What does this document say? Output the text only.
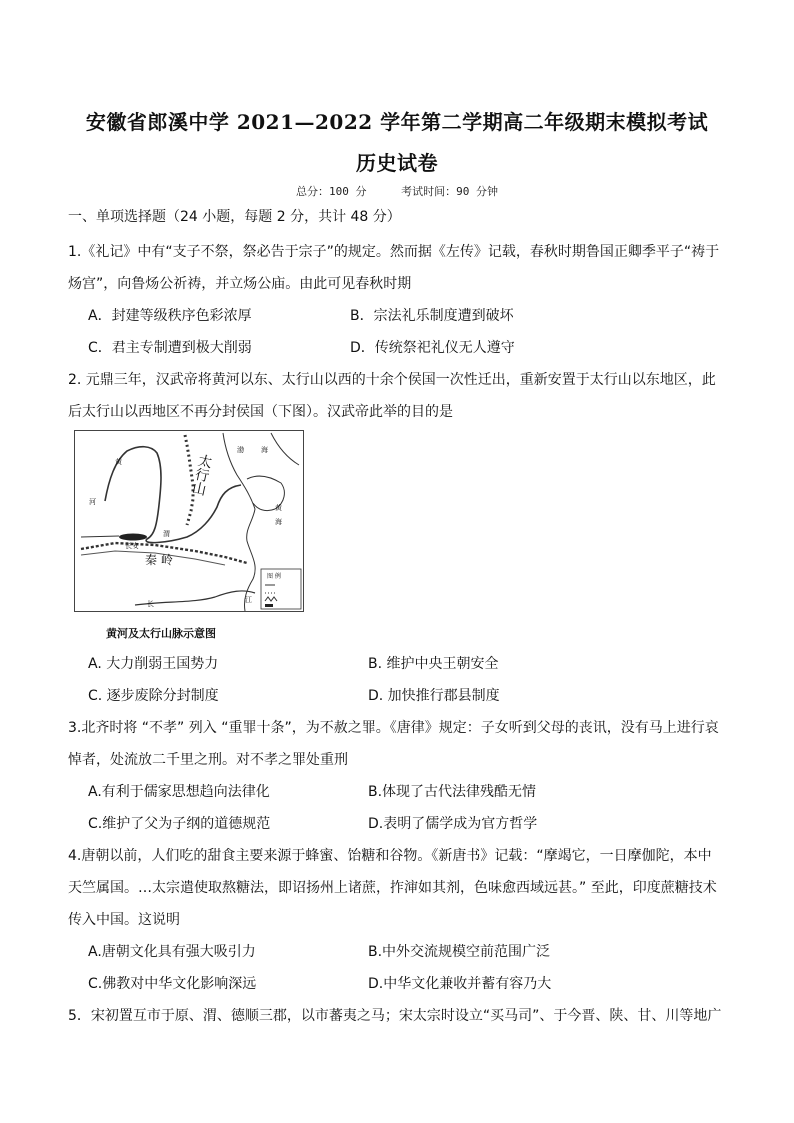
安徽省郎溪中学 2021—2022 学年第二学期高二年级期末模拟考试
历史试卷
总分：100 分	考试时间：90 分钟
一、单项选择题（24 小题，每题 2 分，共计 48 分）
1.《礼记》中有“支子不祭，祭必告于宗子”的规定。然而据《左传》记载，春秋时期鲁国正卿季平子“祷于
炀宫”，向鲁炀公祈祷，并立炀公庙。由此可见春秋时期
A．封建等级秩序色彩浓厚	B．宗法礼乐制度遭到破坏
C．君主专制遭到极大削弱	D．传统祭祀礼仪无人遵守
2. 元鼎三年，汉武帝将黄河以东、太行山以西的十余个侯国一次性迁出，重新安置于太行山以东地区，此
后太行山以西地区不再分封侯国（下图）。汉武帝此举的目的是
太行山
渤 海
黄
海
秦 岭
黄
河
长安
渭
长	江
图 例
黄河及太行山脉示意图
A. 大力削弱王国势力	B. 维护中央王朝安全
C. 逐步废除分封制度	D. 加快推行郡县制度
3.北齐时将 “不孝” 列入 “重罪十条”，为不赦之罪。《唐律》规定：子女听到父母的丧讯，没有马上进行哀
悼者，处流放二千里之刑。对不孝之罪处重刑
A.有利于儒家思想趋向法律化	B.体现了古代法律残酷无情
C.维护了父为子纲的道德规范	D.表明了儒学成为官方哲学
4.唐朝以前，人们吃的甜食主要来源于蜂蜜、饴糖和谷物。《新唐书》记载：“摩竭它，一日摩伽陀，本中
天竺属国。…太宗遣使取熬糖法，即诏扬州上诸蔗，拃渖如其剂，色味愈西域远甚。” 至此，印度蔗糖技术
传入中国。这说明
A.唐朝文化具有强大吸引力	B.中外交流规模空前范围广泛
C.佛教对中华文化影响深远	D.中华文化兼收并蓄有容乃大
5．宋初置互市于原、渭、德顺三郡，以市蕃夷之马；宋太宗时设立“买马司”、于今晋、陕、甘、川等地广
